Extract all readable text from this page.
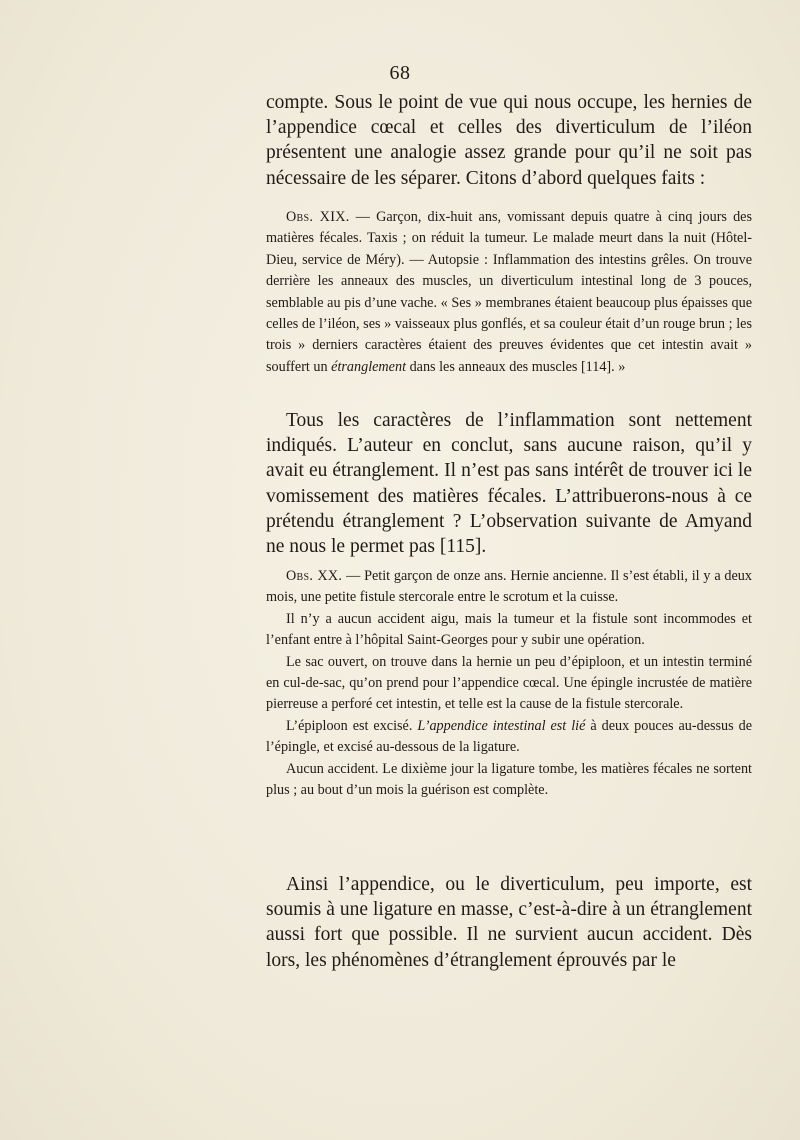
68

compte. Sous le point de vue qui nous occupe, les hernies de l’appendice cœcal et celles des diverticulum de l’iléon présentent une analogie assez grande pour qu’il ne soit pas nécessaire de les séparer. Citons d’abord quelques faits :

Obs. XIX. — Garçon, dix-huit ans, vomissant depuis quatre à cinq jours des matières fécales. Taxis ; on réduit la tumeur. Le malade meurt dans la nuit (Hôtel-Dieu, service de Méry). — Autopsie : Inflammation des intestins grêles. On trouve derrière les anneaux des muscles, un diverticulum intestinal long de 3 pouces, semblable au pis d’une vache. « Ses » membranes étaient beaucoup plus épaisses que celles de l’iléon, ses » vaisseaux plus gonflés, et sa couleur était d’un rouge brun ; les trois » derniers caractères étaient des preuves évidentes que cet intestin avait » souffert un étranglement dans les anneaux des muscles [114]. »

Tous les caractères de l’inflammation sont nettement indiqués. L’auteur en conclut, sans aucune raison, qu’il y avait eu étranglement. Il n’est pas sans intérêt de trouver ici le vomissement des matières fécales. L’attribuerons-nous à ce prétendu étranglement ? L’observation suivante de Amyand ne nous le permet pas [115].

Obs. XX. — Petit garçon de onze ans. Hernie ancienne. Il s’est établi, il y a deux mois, une petite fistule stercorale entre le scrotum et la cuisse.

Il n’y a aucun accident aigu, mais la tumeur et la fistule sont incommodes et l’enfant entre à l’hôpital Saint-Georges pour y subir une opération.

Le sac ouvert, on trouve dans la hernie un peu d’épiploon, et un intestin terminé en cul-de-sac, qu’on prend pour l’appendice cœcal. Une épingle incrustée de matière pierreuse a perforé cet intestin, et telle est la cause de la fistule stercorale.

L’épiploon est excisé. L’appendice intestinal est lié à deux pouces au-dessus de l’épingle, et excisé au-dessous de la ligature.

Aucun accident. Le dixième jour la ligature tombe, les matières fécales ne sortent plus ; au bout d’un mois la guérison est complète.

Ainsi l’appendice, ou le diverticulum, peu importe, est soumis à une ligature en masse, c’est-à-dire à un étranglement aussi fort que possible. Il ne survient aucun accident. Dès lors, les phénomènes d’étranglement éprouvés par le
